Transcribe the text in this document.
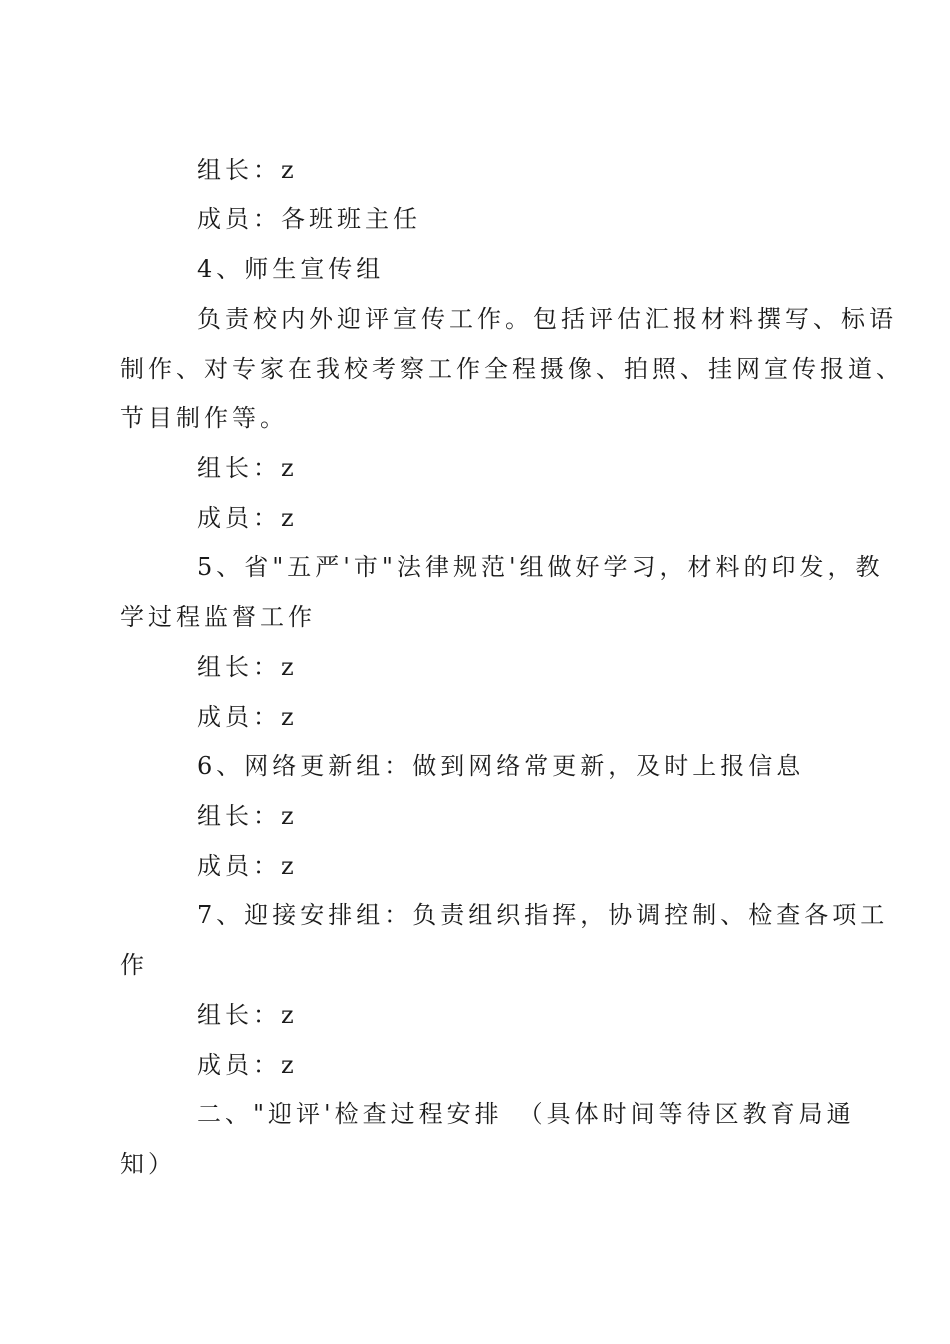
组长：z
成员：各班班主任
4、师生宣传组
负责校内外迎评宣传工作。包括评估汇报材料撰写、标语
制作、对专家在我校考察工作全程摄像、拍照、挂网宣传报道、
节目制作等。
组长：z
成员：z
5、省"五严'市"法律规范'组做好学习，材料的印发，教
学过程监督工作
组长：z
成员：z
6、网络更新组：做到网络常更新，及时上报信息
组长：z
成员：z
7、迎接安排组：负责组织指挥，协调控制、检查各项工
作
组长：z
成员：z
二、"迎评'检查过程安排　（具体时间等待区教育局通
知）
